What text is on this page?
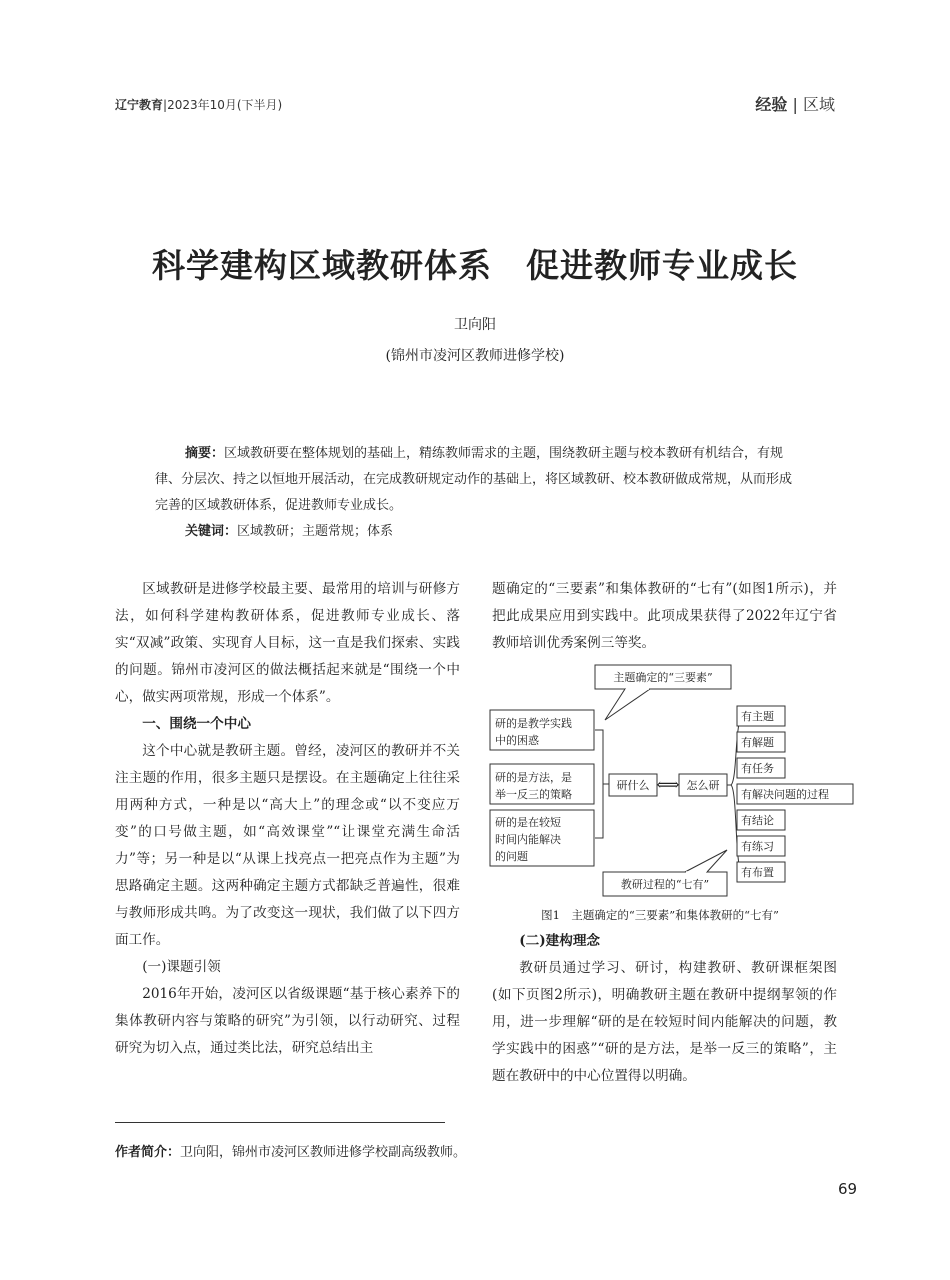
辽宁教育|2023年10月(下半月)	经验 | 区域
科学建构区域教研体系　促进教师专业成长
卫向阳
(锦州市凌河区教师进修学校)
摘要：区域教研要在整体规划的基础上，精练教师需求的主题，围绕教研主题与校本教研有机结合，有规律、分层次、持之以恒地开展活动，在完成教研规定动作的基础上，将区域教研、校本教研做成常规，从而形成完善的区域教研体系，促进教师专业成长。
关键词：区域教研；主题常规；体系

区域教研是进修学校最主要、最常用的培训与研修方法，如何科学建构教研体系，促进教师专业成长、落实“双减”政策、实现育人目标，这一直是我们探索、实践的问题。锦州市凌河区的做法概括起来就是“围绕一个中心，做实两项常规，形成一个体系”。

一、围绕一个中心

这个中心就是教研主题。曾经，凌河区的教研并不关注主题的作用，很多主题只是摆设。在主题确定上往往采用两种方式，一种是以“高大上”的理念或“以不变应万变”的口号做主题，如“高效课堂”“让课堂充满生命活力”等；另一种是以“从课上找亮点一把亮点作为主题”为思路确定主题。这两种确定主题方式都缺乏普遍性，很难与教师形成共鸣。为了改变这一现状，我们做了以下四方面工作。

(一)课题引领

2016年开始，凌河区以省级课题“基于核心素养下的集体教研内容与策略的研究”为引领，以行动研究、过程研究为切入点，通过类比法，研究总结出主

题确定的“三要素”和集体教研的“七有”(如图1所示)，并把此成果应用到实践中。此项成果获得了2022年辽宁省教师培训优秀案例三等奖。
主题确定的“三要素”
研的是教学实践
中的困惑
研的是方法，是
举一反三的策略
研的是在较短
时间内能解决
的问题
研什么 ⟺ 怎么研
有主题
有解题
有任务
有解决问题的过程
有结论
有练习
有布置
教研过程的“七有”
图1　主题确定的“三要素”和集体教研的“七有”
(二)建构理念

教研员通过学习、研讨，构建教研、教研课框架图(如下页图2所示)，明确教研主题在教研中提纲挈领的作用，进一步理解“研的是在较短时间内能解决的问题，教学实践中的困惑”“研的是方法，是举一反三的策略”，主题在教研中的中心位置得以明确。

作者简介：卫向阳，锦州市凌河区教师进修学校副高级教师。
69
